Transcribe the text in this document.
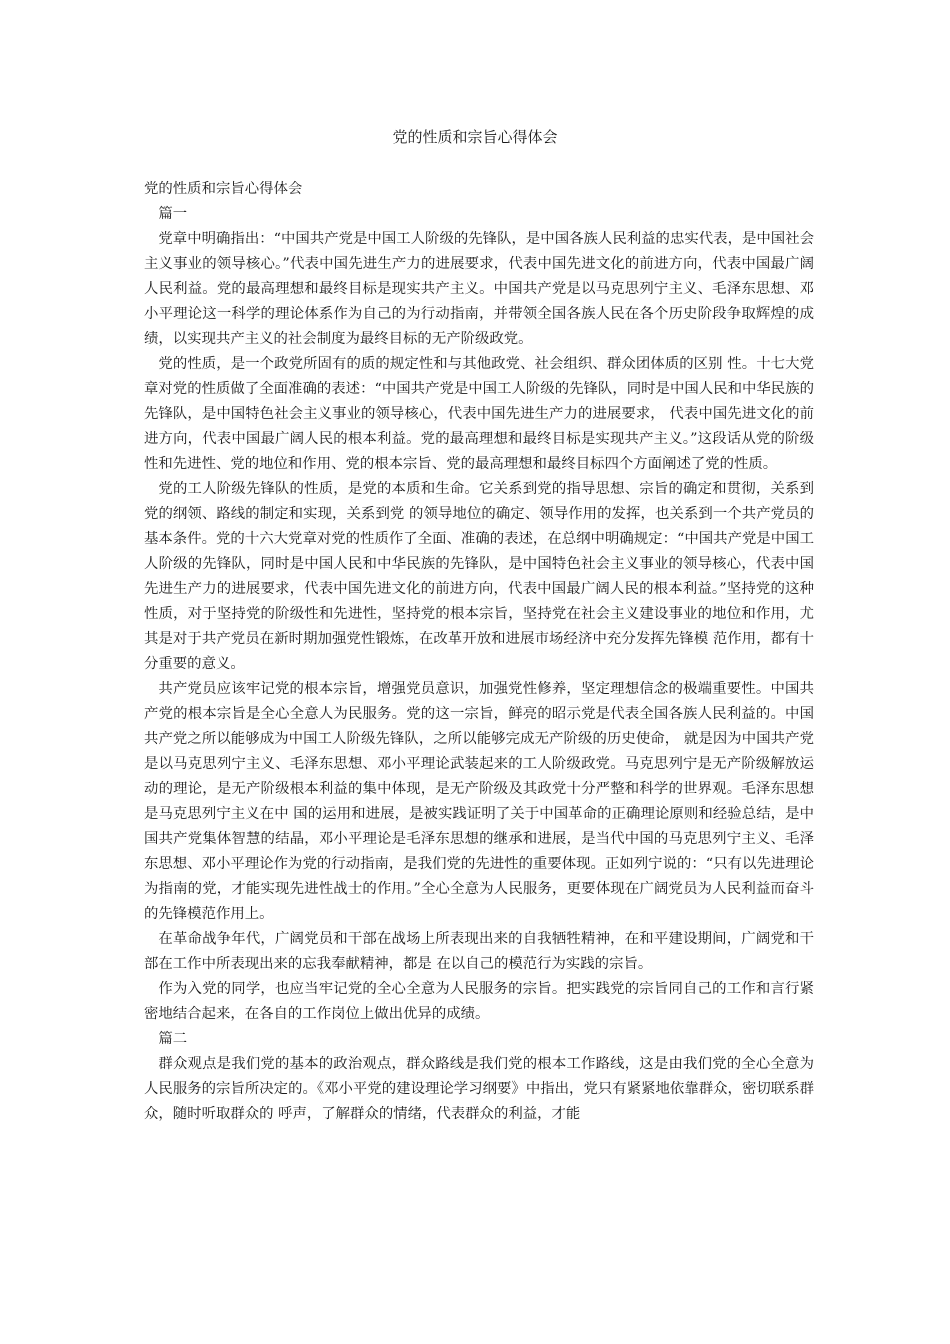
党的性质和宗旨心得体会

党的性质和宗旨心得体会

篇一

党章中明确指出：“中国共产党是中国工人阶级的先锋队，是中国各族人民利益的忠实代表，是中国社会主义事业的领导核心。”代表中国先进生产力的进展要求，代表中国先进文化的前进方向，代表中国最广阔人民利益。党的最高理想和最终目标是现实共产主义。中国共产党是以马克思列宁主义、毛泽东思想、邓小平理论这一科学的理论体系作为自己的为行动指南，并带领全国各族人民在各个历史阶段争取辉煌的成绩，以实现共产主义的社会制度为最终目标的无产阶级政党。

党的性质，是一个政党所固有的质的规定性和与其他政党、社会组织、群众团体质的区别 性。十七大党章对党的性质做了全面准确的表述：“中国共产党是中国工人阶级的先锋队，同时是中国人民和中华民族的先锋队，是中国特色社会主义事业的领导核心，代表中国先进生产力的进展要求， 代表中国先进文化的前进方向，代表中国最广阔人民的根本利益。党的最高理想和最终目标是实现共产主义。”这段话从党的阶级性和先进性、党的地位和作用、党的根本宗旨、党的最高理想和最终目标四个方面阐述了党的性质。

党的工人阶级先锋队的性质，是党的本质和生命。它关系到党的指导思想、宗旨的确定和贯彻，关系到党的纲领、路线的制定和实现，关系到党 的领导地位的确定、领导作用的发挥，也关系到一个共产党员的基本条件。党的十六大党章对党的性质作了全面、准确的表述，在总纲中明确规定：“中国共产党是中国工人阶级的先锋队，同时是中国人民和中华民族的先锋队，是中国特色社会主义事业的领导核心，代表中国先进生产力的进展要求，代表中国先进文化的前进方向，代表中国最广阔人民的根本利益。”坚持党的这种性质，对于坚持党的阶级性和先进性，坚持党的根本宗旨，坚持党在社会主义建设事业的地位和作用，尤其是对于共产党员在新时期加强党性锻炼，在改革开放和进展市场经济中充分发挥先锋模 范作用，都有十分重要的意义。

共产党员应该牢记党的根本宗旨，增强党员意识，加强党性修养，坚定理想信念的极端重要性。中国共产党的根本宗旨是全心全意人为民服务。党的这一宗旨，鲜亮的昭示党是代表全国各族人民利益的。中国共产党之所以能够成为中国工人阶级先锋队，之所以能够完成无产阶级的历史使命， 就是因为中国共产党是以马克思列宁主义、毛泽东思想、邓小平理论武装起来的工人阶级政党。马克思列宁是无产阶级解放运动的理论，是无产阶级根本利益的集中体现，是无产阶级及其政党十分严整和科学的世界观。毛泽东思想是马克思列宁主义在中 国的运用和进展，是被实践证明了关于中国革命的正确理论原则和经验总结，是中国共产党集体智慧的结晶，邓小平理论是毛泽东思想的继承和进展，是当代中国的马克思列宁主义、毛泽东思想、邓小平理论作为党的行动指南，是我们党的先进性的重要体现。正如列宁说的：“只有以先进理论为指南的党，才能实现先进性战士的作用。”全心全意为人民服务，更要体现在广阔党员为人民利益而奋斗的先锋模范作用上。

在革命战争年代，广阔党员和干部在战场上所表现出来的自我牺牲精神，在和平建设期间，广阔党和干部在工作中所表现出来的忘我奉献精神，都是 在以自己的模范行为实践的宗旨。

作为入党的同学，也应当牢记党的全心全意为人民服务的宗旨。把实践党的宗旨同自己的工作和言行紧密地结合起来，在各自的工作岗位上做出优异的成绩。

篇二

群众观点是我们党的基本的政治观点，群众路线是我们党的根本工作路线，这是由我们党的全心全意为人民服务的宗旨所决定的。《邓小平党的建设理论学习纲要》中指出，党只有紧紧地依靠群众，密切联系群众，随时听取群众的 呼声，了解群众的情绪，代表群众的利益，才能
